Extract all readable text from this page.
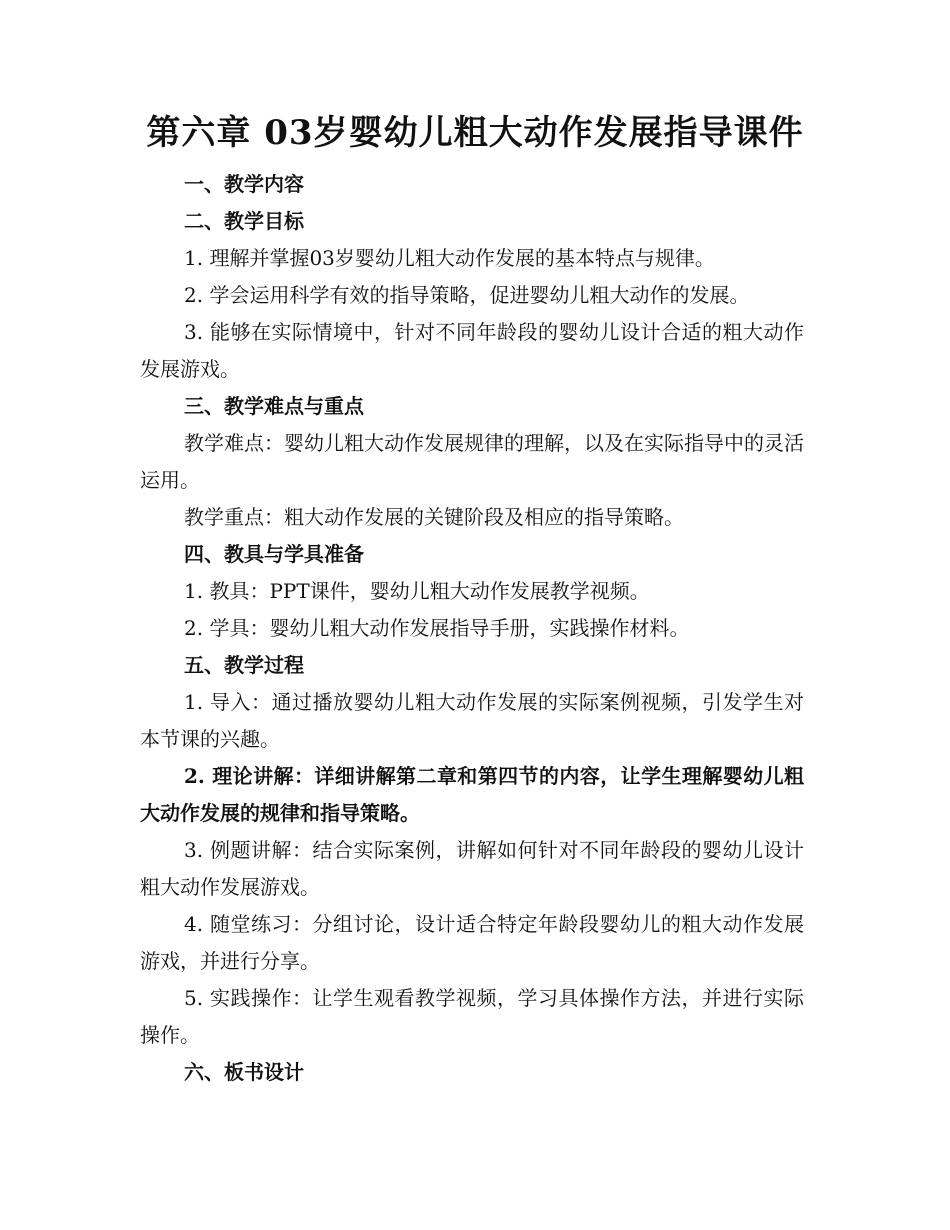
第六章 03岁婴幼儿粗大动作发展指导课件

一、教学内容

二、教学目标

1. 理解并掌握03岁婴幼儿粗大动作发展的基本特点与规律。

2. 学会运用科学有效的指导策略，促进婴幼儿粗大动作的发展。

3. 能够在实际情境中，针对不同年龄段的婴幼儿设计合适的粗大动作发展游戏。

三、教学难点与重点

教学难点：婴幼儿粗大动作发展规律的理解，以及在实际指导中的灵活运用。

教学重点：粗大动作发展的关键阶段及相应的指导策略。

四、教具与学具准备

1. 教具：PPT课件，婴幼儿粗大动作发展教学视频。

2. 学具：婴幼儿粗大动作发展指导手册，实践操作材料。

五、教学过程

1. 导入：通过播放婴幼儿粗大动作发展的实际案例视频，引发学生对本节课的兴趣。

2. 理论讲解：详细讲解第二章和第四节的内容，让学生理解婴幼儿粗大动作发展的规律和指导策略。

3. 例题讲解：结合实际案例，讲解如何针对不同年龄段的婴幼儿设计粗大动作发展游戏。

4. 随堂练习：分组讨论，设计适合特定年龄段婴幼儿的粗大动作发展游戏，并进行分享。

5. 实践操作：让学生观看教学视频，学习具体操作方法，并进行实际操作。

六、板书设计
